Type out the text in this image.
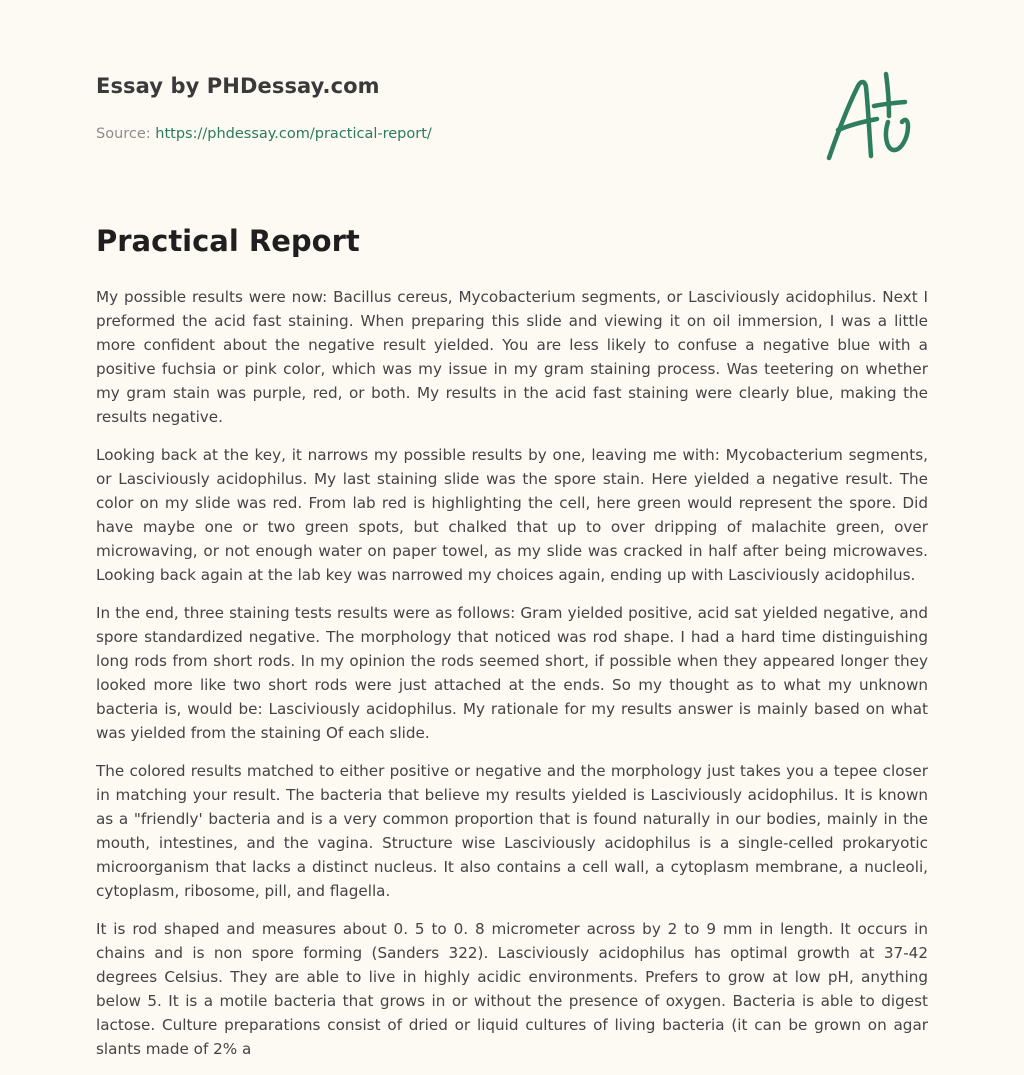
Essay by PHDessay.com
Source: https://phdessay.com/practical-report/
Practical Report

My possible results were now: Bacillus cereus, Mycobacterium segments, or Lasciviously acidophilus. Next I preformed the acid fast staining. When preparing this slide and viewing it on oil immersion, I was a little more confident about the negative result yielded. You are less likely to confuse a negative blue with a positive fuchsia or pink color, which was my issue in my gram staining process. Was teetering on whether my gram stain was purple, red, or both. My results in the acid fast staining were clearly blue, making the results negative.

Looking back at the key, it narrows my possible results by one, leaving me with: Mycobacterium segments, or Lasciviously acidophilus. My last staining slide was the spore stain. Here yielded a negative result. The color on my slide was red. From lab red is highlighting the cell, here green would represent the spore. Did have maybe one or two green spots, but chalked that up to over dripping of malachite green, over microwaving, or not enough water on paper towel, as my slide was cracked in half after being microwaves. Looking back again at the lab key was narrowed my choices again, ending up with Lasciviously acidophilus.

In the end, three staining tests results were as follows: Gram yielded positive, acid sat yielded negative, and spore standardized negative. The morphology that noticed was rod shape. I had a hard time distinguishing long rods from short rods. In my opinion the rods seemed short, if possible when they appeared longer they looked more like two short rods were just attached at the ends. So my thought as to what my unknown bacteria is, would be: Lasciviously acidophilus. My rationale for my results answer is mainly based on what was yielded from the staining Of each slide.

The colored results matched to either positive or negative and the morphology just takes you a tepee closer in matching your result. The bacteria that believe my results yielded is Lasciviously acidophilus. It is known as a "friendly' bacteria and is a very common proportion that is found naturally in our bodies, mainly in the mouth, intestines, and the vagina. Structure wise Lasciviously acidophilus is a single-celled prokaryotic microorganism that lacks a distinct nucleus. It also contains a cell wall, a cytoplasm membrane, a nucleoli, cytoplasm, ribosome, pill, and flagella.

It is rod shaped and measures about 0. 5 to 0. 8 micrometer across by 2 to 9 mm in length. It occurs in chains and is non spore forming (Sanders 322). Lasciviously acidophilus has optimal growth at 37-42 degrees Celsius. They are able to live in highly acidic environments. Prefers to grow at low pH, anything below 5. It is a motile bacteria that grows in or without the presence of oxygen. Bacteria is able to digest lactose. Culture preparations consist of dried or liquid cultures of living bacteria (it can be grown on agar slants made of 2% a
